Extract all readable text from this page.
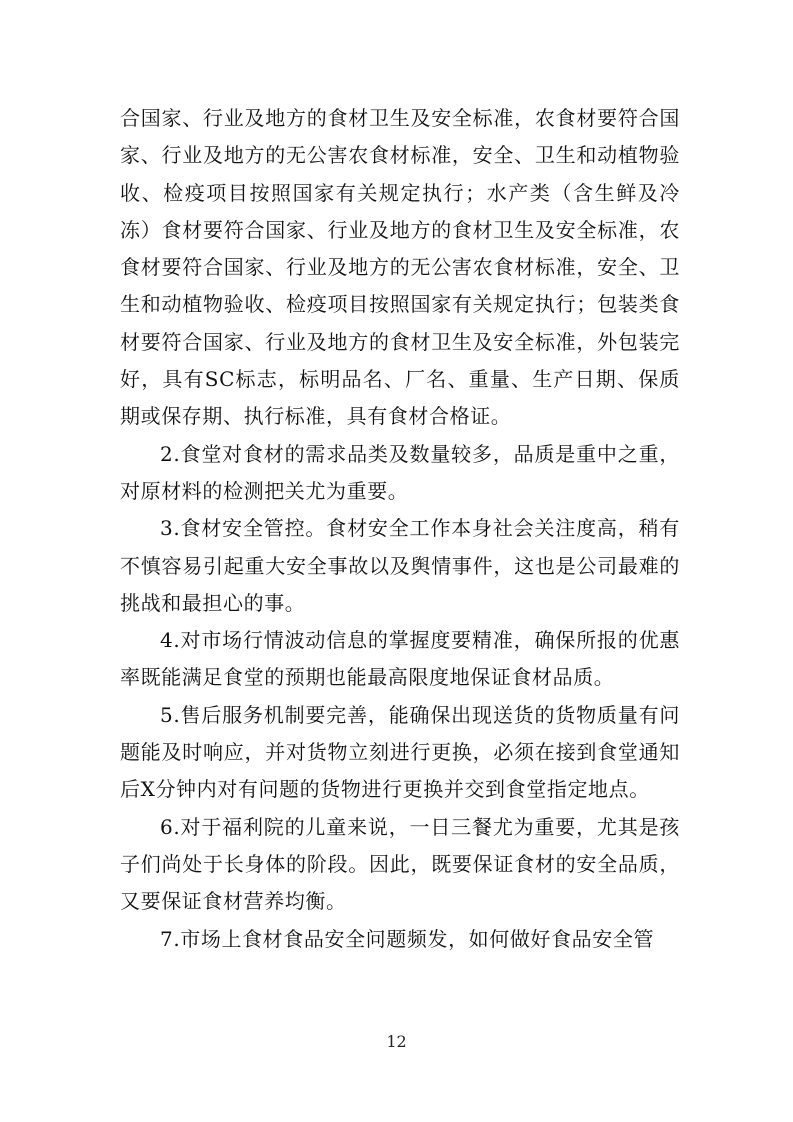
合国家、行业及地方的食材卫生及安全标准，农食材要符合国家、行业及地方的无公害农食材标准，安全、卫生和动植物验收、检疫项目按照国家有关规定执行；水产类（含生鲜及冷冻）食材要符合国家、行业及地方的食材卫生及安全标准，农食材要符合国家、行业及地方的无公害农食材标准，安全、卫生和动植物验收、检疫项目按照国家有关规定执行；包装类食材要符合国家、行业及地方的食材卫生及安全标准，外包装完好，具有SC标志，标明品名、厂名、重量、生产日期、保质期或保存期、执行标准，具有食材合格证。

2.食堂对食材的需求品类及数量较多，品质是重中之重，对原材料的检测把关尤为重要。

3.食材安全管控。食材安全工作本身社会关注度高，稍有不慎容易引起重大安全事故以及舆情事件，这也是公司最难的挑战和最担心的事。

4.对市场行情波动信息的掌握度要精准，确保所报的优惠率既能满足食堂的预期也能最高限度地保证食材品质。

5.售后服务机制要完善，能确保出现送货的货物质量有问题能及时响应，并对货物立刻进行更换，必须在接到食堂通知后X分钟内对有问题的货物进行更换并交到食堂指定地点。

6.对于福利院的儿童来说，一日三餐尤为重要，尤其是孩子们尚处于长身体的阶段。因此，既要保证食材的安全品质，又要保证食材营养均衡。

7.市场上食材食品安全问题频发，如何做好食品安全管

12
